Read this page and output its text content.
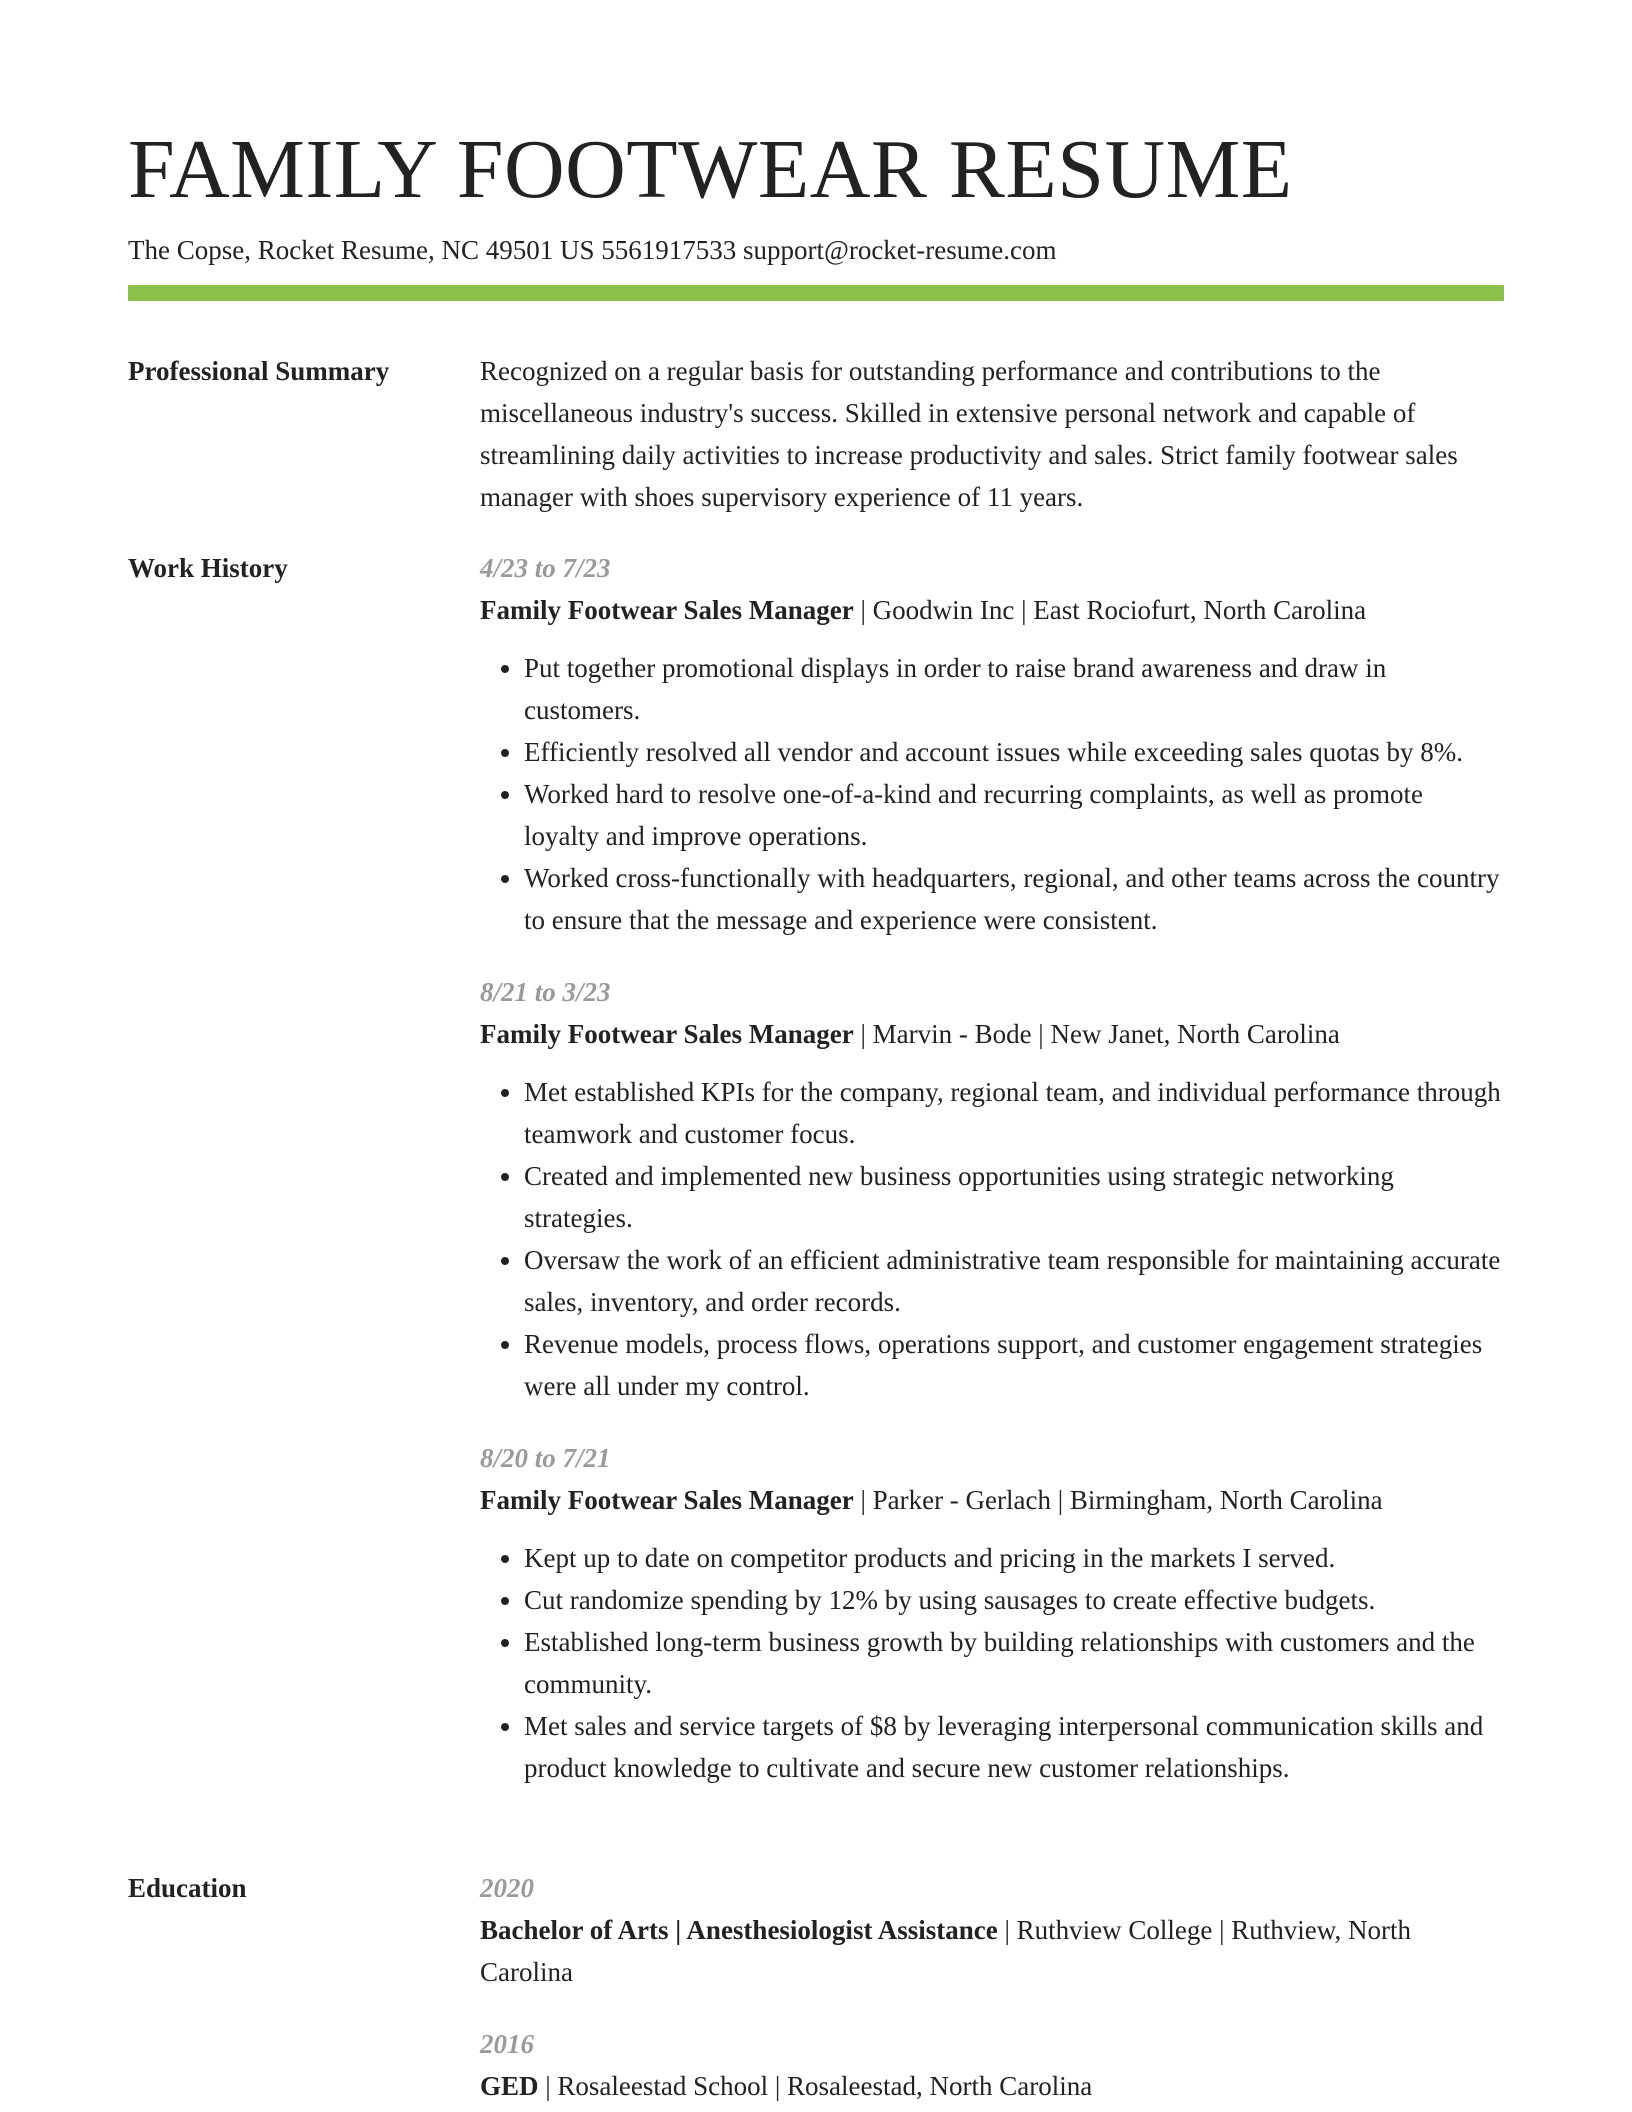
FAMILY FOOTWEAR RESUME
The Copse, Rocket Resume, NC 49501 US 5561917533 support@rocket-resume.com
Professional Summary	Recognized on a regular basis for outstanding performance and contributions to the miscellaneous industry's success. Skilled in extensive personal network and capable of streamlining daily activities to increase productivity and sales. Strict family footwear sales manager with shoes supervisory experience of 11 years.

Work History	4/23 to 7/23
Family Footwear Sales Manager | Goodwin Inc | East Rociofurt, North Carolina
• Put together promotional displays in order to raise brand awareness and draw in customers.
• Efficiently resolved all vendor and account issues while exceeding sales quotas by 8%.
• Worked hard to resolve one-of-a-kind and recurring complaints, as well as promote loyalty and improve operations.
• Worked cross-functionally with headquarters, regional, and other teams across the country to ensure that the message and experience were consistent.
8/21 to 3/23
Family Footwear Sales Manager | Marvin - Bode | New Janet, North Carolina
• Met established KPIs for the company, regional team, and individual performance through teamwork and customer focus.
• Created and implemented new business opportunities using strategic networking strategies.
• Oversaw the work of an efficient administrative team responsible for maintaining accurate sales, inventory, and order records.
• Revenue models, process flows, operations support, and customer engagement strategies were all under my control.
8/20 to 7/21
Family Footwear Sales Manager | Parker - Gerlach | Birmingham, North Carolina
• Kept up to date on competitor products and pricing in the markets I served.
• Cut randomize spending by 12% by using sausages to create effective budgets.
• Established long-term business growth by building relationships with customers and the community.
• Met sales and service targets of $8 by leveraging interpersonal communication skills and product knowledge to cultivate and secure new customer relationships.
Education	2020
Bachelor of Arts | Anesthesiologist Assistance | Ruthview College | Ruthview, North Carolina
2016
GED | Rosaleestad School | Rosaleestad, North Carolina
